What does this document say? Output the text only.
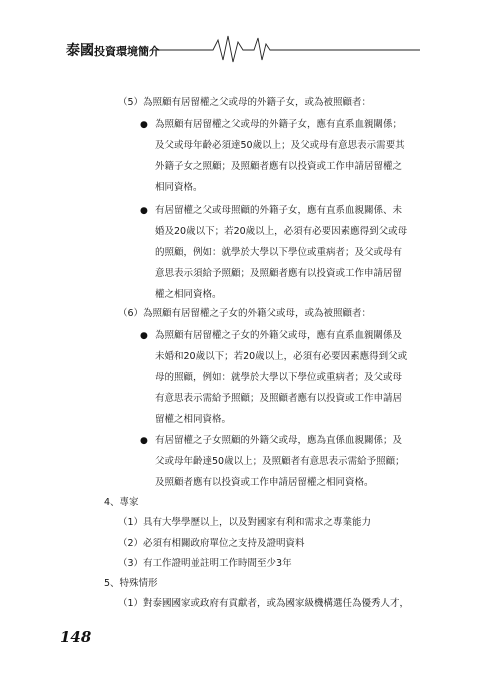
泰國投資環境簡介
（5）為照顧有居留權之父或母的外籍子女，或為被照顧者：
● 為照顧有居留權之父或母的外籍子女，應有直系血親關係；
及父或母年齡必須達50歲以上；及父或母有意思表示需要其
外籍子女之照顧；及照顧者應有以投資或工作申請居留權之
相同資格。
● 有居留權之父或母照顧的外籍子女，應有直系血親關係、未
婚及20歲以下；若20歲以上，必須有必要因素應得到父或母
的照顧，例如：就學於大學以下學位或重病者；及父或母有
意思表示須給予照顧；及照顧者應有以投資或工作申請居留
權之相同資格。
（6）為照顧有居留權之子女的外籍父或母，或為被照顧者：
● 為照顧有居留權之子女的外籍父或母，應有直系血親關係及
未婚和20歲以下；若20歲以上，必須有必要因素應得到父或
母的照顧，例如：就學於大學以下學位或重病者；及父或母
有意思表示需給予照顧；及照顧者應有以投資或工作申請居
留權之相同資格。
● 有居留權之子女照顧的外籍父或母，應為直係血親關係；及
父或母年齡達50歲以上；及照顧者有意思表示需給予照顧；
及照顧者應有以投資或工作申請居留權之相同資格。
4、專家
（1）具有大學學歷以上，以及對國家有利和需求之專業能力
（2）必須有相關政府單位之支持及證明資料
（3）有工作證明並註明工作時間至少3年
5、特殊情形
（1）對泰國國家或政府有貢獻者，或為國家級機構選任為優秀人才，
148
